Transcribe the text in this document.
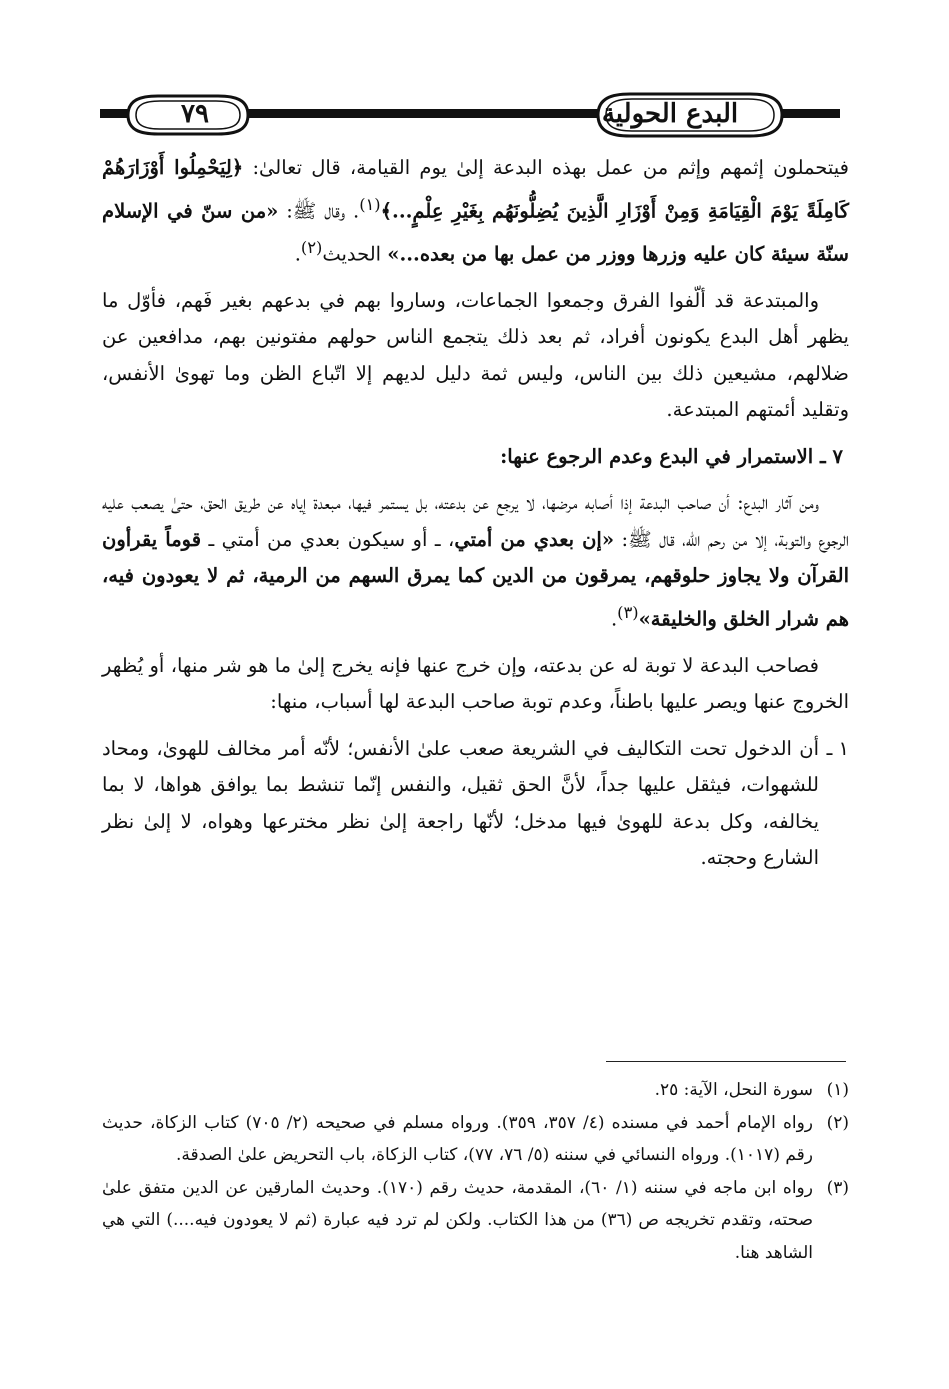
البدع الحولية
٧٩

فيتحملون إثمهم وإثم من عمل بهذه البدعة إلىٰ يوم القيامة، قال تعالىٰ: ﴿لِيَحْمِلُوا أَوْزَارَهُمْ كَامِلَةً يَوْمَ الْقِيَامَةِ وَمِنْ أَوْزَارِ الَّذِينَ يُضِلُّونَهُم بِغَيْرِ عِلْمٍ...﴾$^{(١)}$. وقال ﷺ: «من سنّ في الإسلام سنّة سيئة كان عليه وزرها ووزر من عمل بها من بعده...» الحديث$^{(٢)}$.

والمبتدعة قد ألّفوا الفرق وجمعوا الجماعات، وساروا بهم في بدعهم بغير فَهم، فأوّل ما يظهر أهل البدع يكونون أفراد، ثم بعد ذلك يتجمع الناس حولهم مفتونين بهم، مدافعين عن ضلالهم، مشيعين ذلك بين الناس، وليس ثمة دليل لديهم إلا اتّباع الظن وما تهوىٰ الأنفس، وتقليد أئمتهم المبتدعة.

٧ ـ الاستمرار في البدع وعدم الرجوع عنها:

ومن آثار البدع: أن صاحب البدعة إذا أصابه مرضها، لا يرجع عن بدعته، بل يستمر فيها، مبعدة إياه عن طريق الحق، حتىٰ يصعب عليه الرجوع والتوبة، إلا من رحم الله، قال ﷺ: «إن بعدي من أمتي، ـ أو سيكون بعدي من أمتي ـ قوماً يقرأون القرآن ولا يجاوز حلوقهم، يمرقون من الدين كما يمرق السهم من الرمية، ثم لا يعودون فيه، هم شرار الخلق والخليقة»$^{(٣)}$.

فصاحب البدعة لا توبة له عن بدعته، وإن خرج عنها فإنه يخرج إلىٰ ما هو شر منها، أو يُظهر الخروج عنها ويصر عليها باطناً، وعدم توبة صاحب البدعة لها أسباب، منها:

١ ـ
أن الدخول تحت التكاليف في الشريعة صعب علىٰ الأنفس؛ لأنّه أمر مخالف للهوىٰ، ومحاد للشهوات، فيثقل عليها جداً، لأنَّ الحق ثقيل، والنفس إنّما تنشط بما يوافق هواها، لا بما يخالفه، وكل بدعة للهوىٰ فيها مدخل؛ لأنّها راجعة إلىٰ نظر مخترعها وهواه، لا إلىٰ نظر الشارع وحجته.

(١)
سورة النحل، الآية: ٢٥.

(٢)
رواه الإمام أحمد في مسنده (٤/ ٣٥٧، ٣٥٩). ورواه مسلم في صحيحه (٢/ ٧٠٥) كتاب الزكاة، حديث رقم (١٠١٧). ورواه النسائي في سننه (٥/ ٧٦، ٧٧)، كتاب الزكاة، باب التحريض علىٰ الصدقة.

(٣)
رواه ابن ماجه في سننه (١/ ٦٠)، المقدمة، حديث رقم (١٧٠). وحديث المارقين عن الدين متفق علىٰ صحته، وتقدم تخريجه ص (٣٦) من هذا الكتاب. ولكن لم ترد فيه عبارة (ثم لا يعودون فيه....) التي هي الشاهد هنا.
